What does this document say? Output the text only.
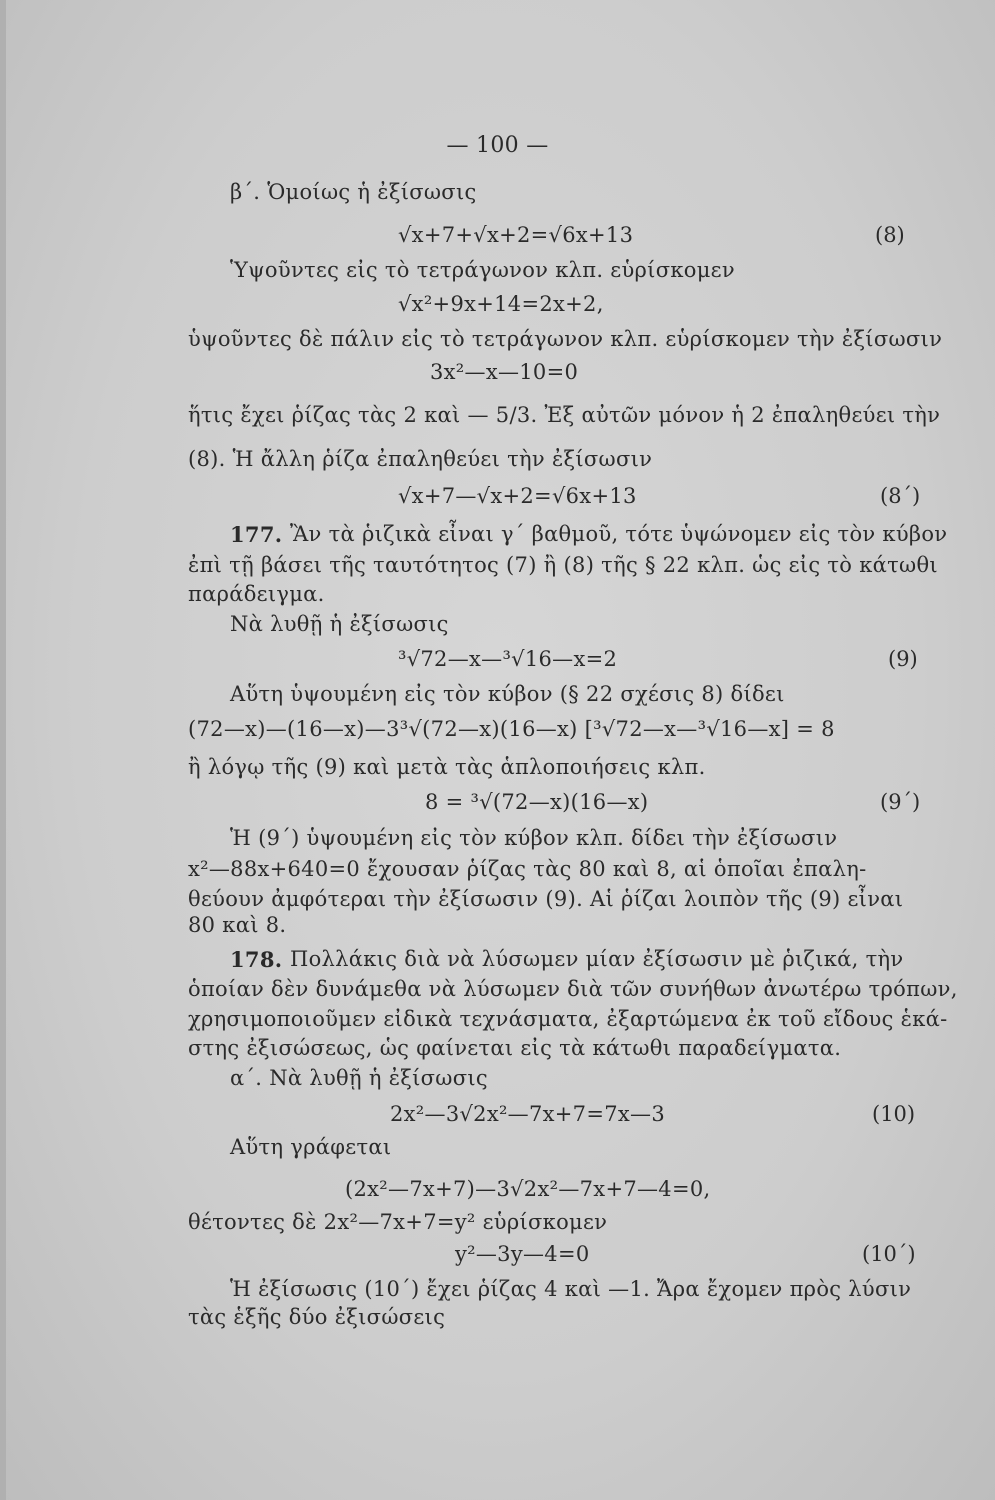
— 100 —
β΄. Ὁμοίως ἡ ἐξίσωσις
√x+7+√x+2=√6x+13	(8)
Ὑψοῦντες εἰς τὸ τετράγωνον κλπ. εὑρίσκομεν
√x²+9x+14=2x+2,
ὑψοῦντες δὲ πάλιν εἰς τὸ τετράγωνον κλπ. εὑρίσκομεν τὴν ἐξίσωσιν
3x²—x—10=0
ἥτις ἔχει ῥίζας τὰς 2 καὶ — 5/3. Ἐξ αὐτῶν μόνον ἡ 2 ἐπαληθεύει τὴν
(8). Ἡ ἄλλη ῥίζα ἐπαληθεύει τὴν ἐξίσωσιν
√x+7—√x+2=√6x+13	(8΄)
177. Ἂν τὰ ῥιζικὰ εἶναι γ΄ βαθμοῦ, τότε ὑψώνομεν εἰς τὸν κύβον
ἐπὶ τῇ βάσει τῆς ταυτότητος (7) ἢ (8) τῆς § 22 κλπ. ὡς εἰς τὸ κάτωθι
παράδειγμα.
Νὰ λυθῇ ἡ ἐξίσωσις
³√72—x—³√16—x=2	(9)
Αὕτη ὑψουμένη εἰς τὸν κύβον (§ 22 σχέσις 8) δίδει
(72—x)—(16—x)—3³√(72—x)(16—x) [³√72—x—³√16—x] = 8
ἢ λόγῳ τῆς (9) καὶ μετὰ τὰς ἁπλοποιήσεις κλπ.
8 = ³√(72—x)(16—x)	(9΄)
Ἡ (9΄) ὑψουμένη εἰς τὸν κύβον κλπ. δίδει τὴν ἐξίσωσιν
x²—88x+640=0 ἔχουσαν ῥίζας τὰς 80 καὶ 8, αἱ ὁποῖαι ἐπαλη-
θεύουν ἀμφότεραι τὴν ἐξίσωσιν (9). Αἱ ῥίζαι λοιπὸν τῆς (9) εἶναι
80 καὶ 8.
178. Πολλάκις διὰ νὰ λύσωμεν μίαν ἐξίσωσιν μὲ ῥιζικά, τὴν
ὁποίαν δὲν δυνάμεθα νὰ λύσωμεν διὰ τῶν συνήθων ἀνωτέρω τρόπων,
χρησιμοποιοῦμεν εἰδικὰ τεχνάσματα, ἐξαρτώμενα ἐκ τοῦ εἴδους ἑκά-
στης ἐξισώσεως, ὡς φαίνεται εἰς τὰ κάτωθι παραδείγματα.
α΄. Νὰ λυθῇ ἡ ἐξίσωσις
2x²—3√2x²—7x+7=7x—3	(10)
Αὕτη γράφεται
(2x²—7x+7)—3√2x²—7x+7—4=0,
θέτοντες δὲ 2x²—7x+7=y² εὑρίσκομεν
y²—3y—4=0	(10΄)
Ἡ ἐξίσωσις (10΄) ἔχει ῥίζας 4 καὶ —1. Ἄρα ἔχομεν πρὸς λύσιν
τὰς ἑξῆς δύο ἐξισώσεις
